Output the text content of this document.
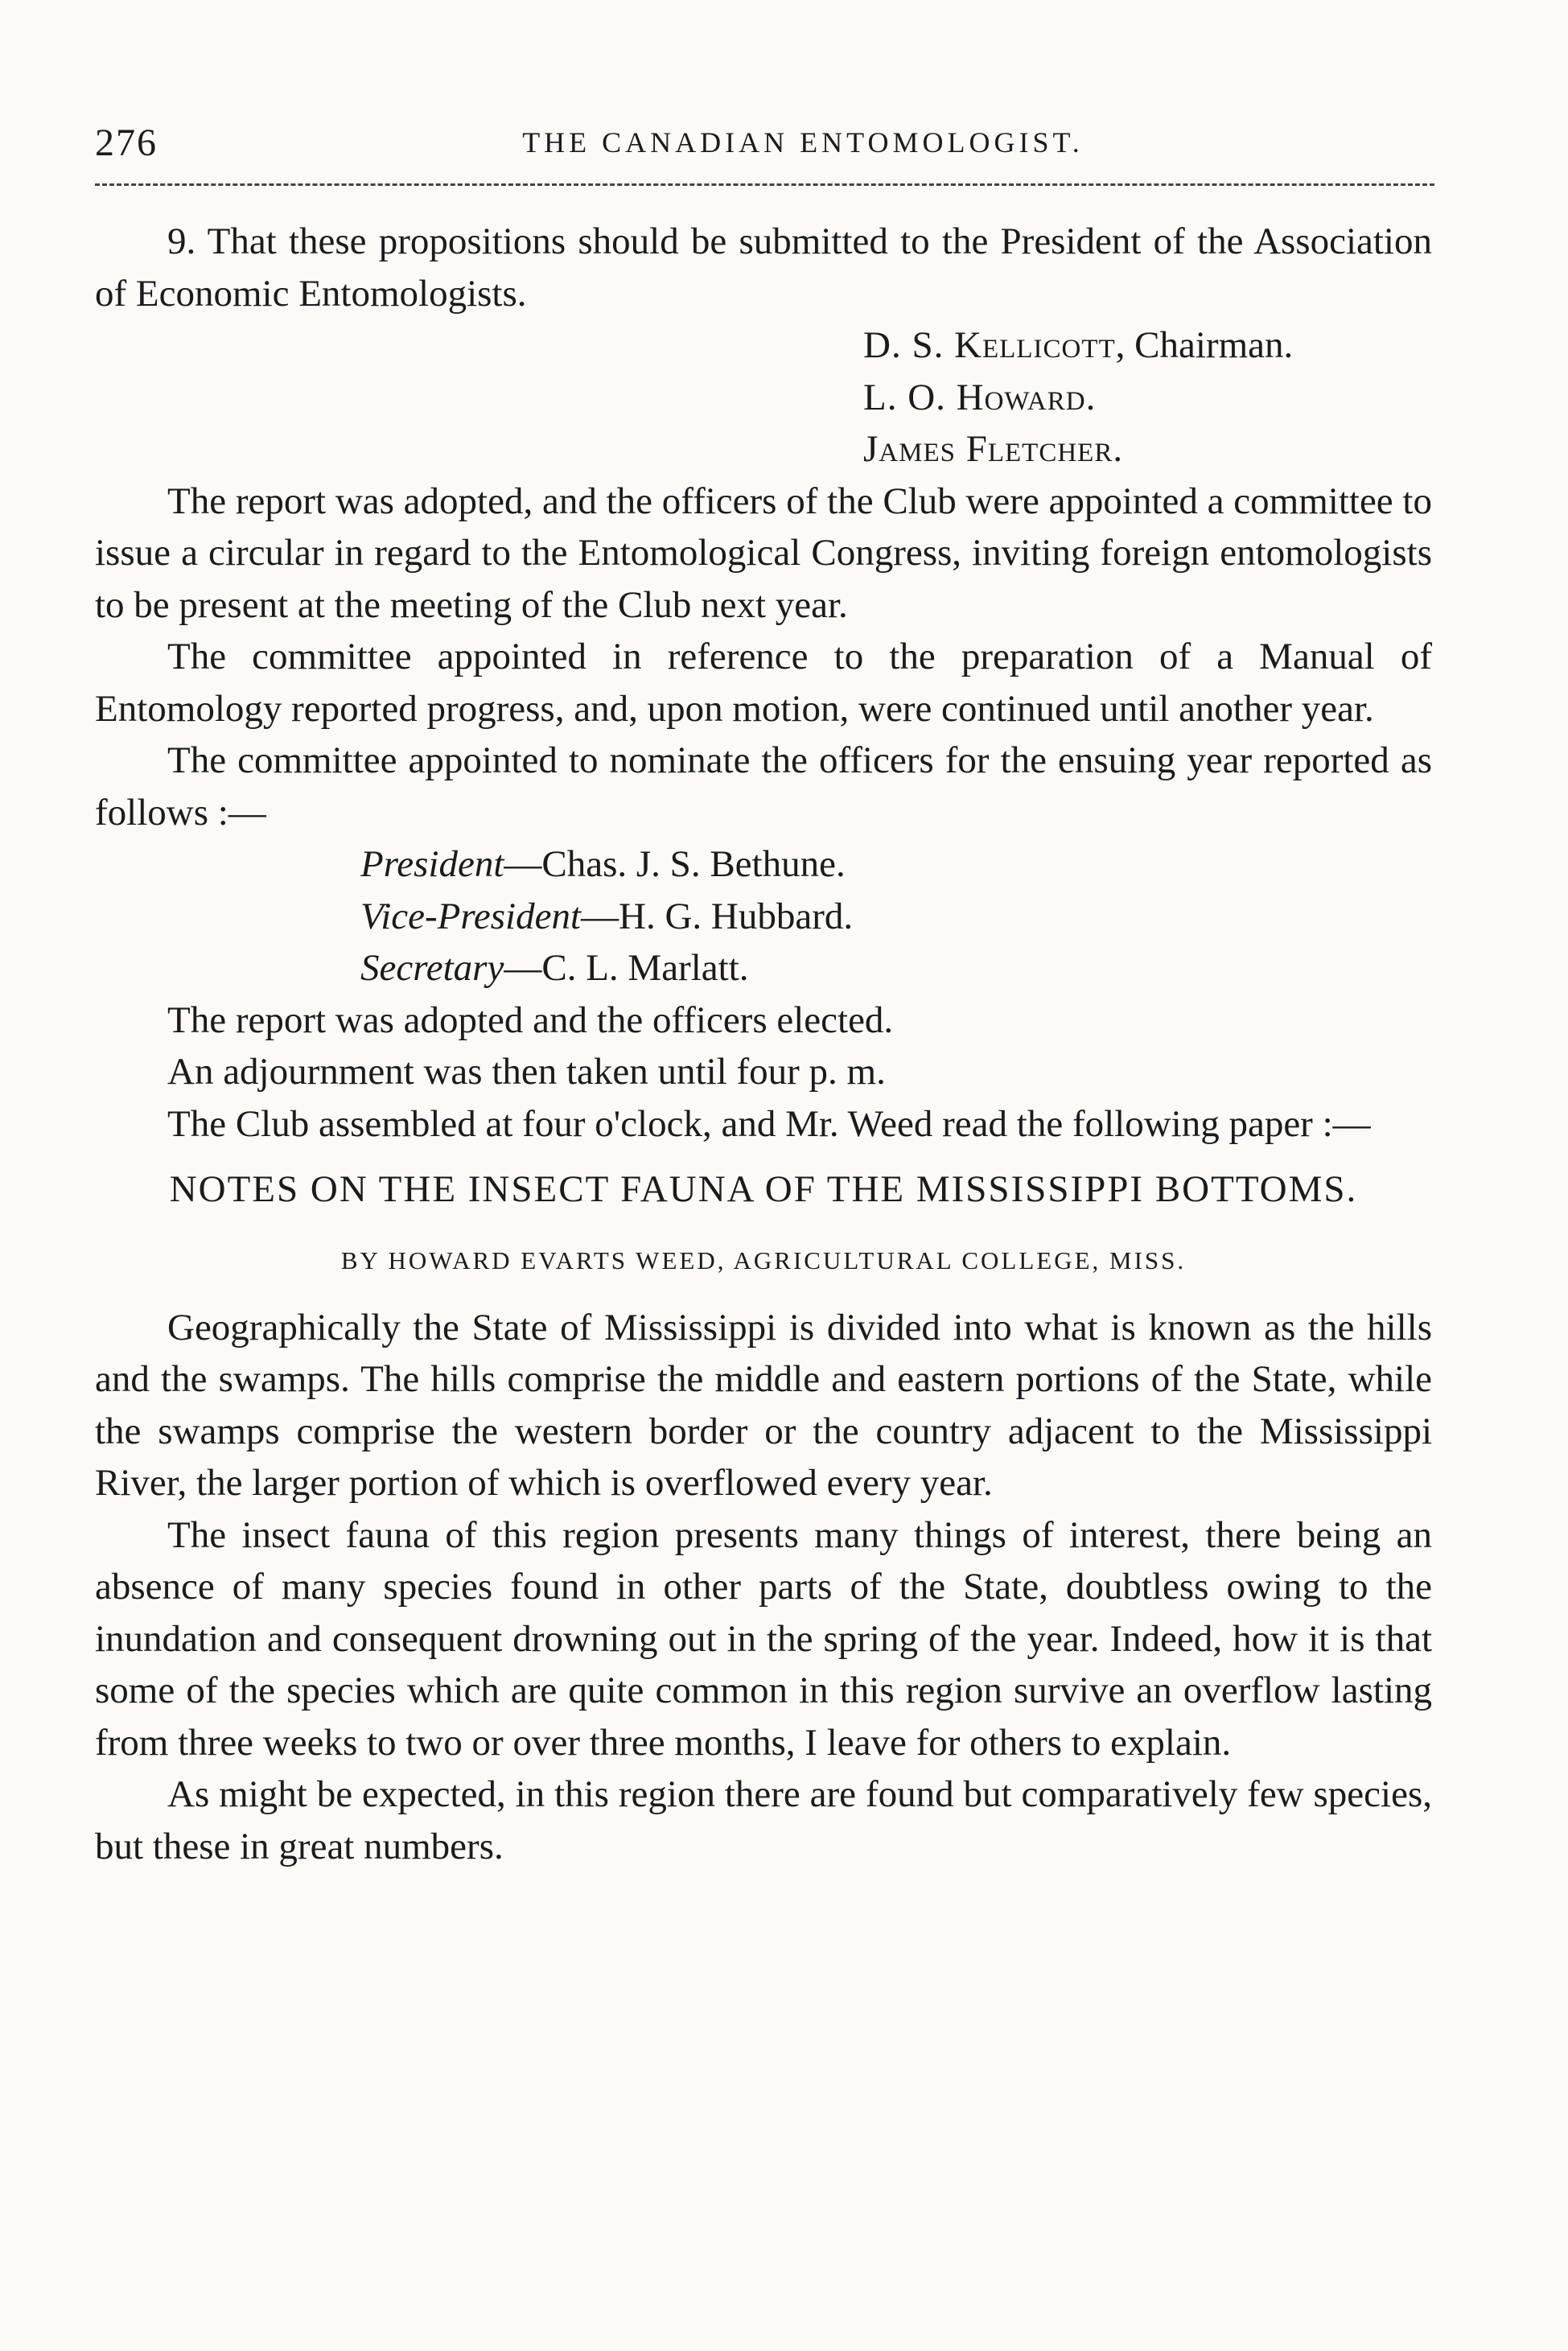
276	THE CANADIAN ENTOMOLOGIST.

9. That these propositions should be submitted to the President of the Association of Economic Entomologists.

D. S. Kellicott, Chairman.

L. O. Howard.

James Fletcher.

The report was adopted, and the officers of the Club were appointed a committee to issue a circular in regard to the Entomological Congress, inviting foreign entomologists to be present at the meeting of the Club next year.

The committee appointed in reference to the preparation of a Manual of Entomology reported progress, and, upon motion, were continued until another year.

The committee appointed to nominate the officers for the ensuing year reported as follows :—

President—Chas. J. S. Bethune.

Vice-President—H. G. Hubbard.

Secretary—C. L. Marlatt.

The report was adopted and the officers elected.

An adjournment was then taken until four p. m.

The Club assembled at four o'clock, and Mr. Weed read the following paper :—

NOTES ON THE INSECT FAUNA OF THE MISSISSIPPI BOTTOMS.

BY HOWARD EVARTS WEED, AGRICULTURAL COLLEGE, MISS.

Geographically the State of Mississippi is divided into what is known as the hills and the swamps. The hills comprise the middle and eastern portions of the State, while the swamps comprise the western border or the country adjacent to the Mississippi River, the larger portion of which is overflowed every year.

The insect fauna of this region presents many things of interest, there being an absence of many species found in other parts of the State, doubtless owing to the inundation and consequent drowning out in the spring of the year. Indeed, how it is that some of the species which are quite common in this region survive an overflow lasting from three weeks to two or over three months, I leave for others to explain.

As might be expected, in this region there are found but comparatively few species, but these in great numbers.
